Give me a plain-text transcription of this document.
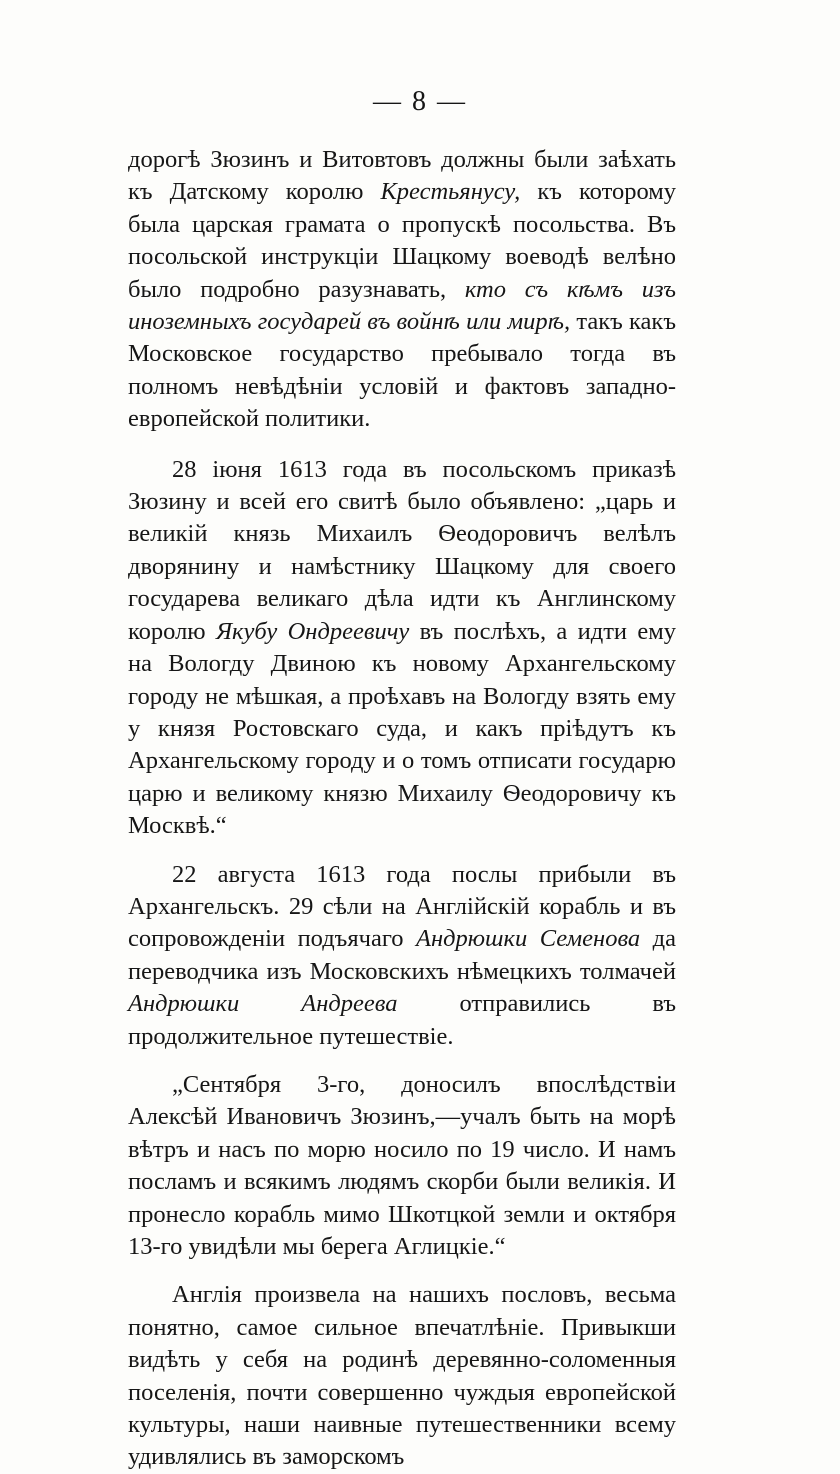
— 8 —

дорогѣ Зюзинъ и Витовтовъ должны были заѣхать къ Датскому королю Крестьянусу, къ которому была царская грамата о пропускѣ посольства. Въ посольской инструкціи Шацкому воеводѣ велѣно было подробно разузнавать, кто съ кѣмъ изъ иноземныхъ государей въ войнѣ или мирѣ, такъ какъ Московское государство пребывало тогда въ полномъ невѣдѣніи условій и фактовъ западно-европейской политики.

28 іюня 1613 года въ посольскомъ приказѣ Зюзину и всей его свитѣ было объявлено: „царь и великій князь Михаилъ Ѳеодоровичъ велѣлъ дворянину и намѣстнику Шацкому для своего государева великаго дѣла идти къ Англинскому королю Якубу Ондреевичу въ послѣхъ, а идти ему на Вологду Двиною къ новому Архангельскому городу не мѣшкая, а проѣхавъ на Вологду взять ему у князя Ростовскаго суда, и какъ пріѣдутъ къ Архангельскому городу и о томъ отписати государю царю и великому князю Михаилу Ѳеодоровичу къ Москвѣ.“

22 августа 1613 года послы прибыли въ Архангельскъ. 29 сѣли на Англійскій корабль и въ сопровожденіи подъячаго Андрюшки Семенова да переводчика изъ Московскихъ нѣмецкихъ толмачей Андрюшки Андреева отправились въ продолжительное путешествіе.

„Сентября 3-го, доносилъ впослѣдствіи Алексѣй Ивановичъ Зюзинъ,—учалъ быть на морѣ вѣтръ и насъ по морю носило по 19 число. И намъ посламъ и всякимъ людямъ скорби были великія. И пронесло корабль мимо Шкотцкой земли и октября 13-го увидѣли мы берега Аглицкіе.“

Англія произвела на нашихъ пословъ, весьма понятно, самое сильное впечатлѣніе. Привыкши видѣть у себя на родинѣ деревянно-соломенныя поселенія, почти совершенно чуждыя европейской культуры, наши наивные путешественники всему удивлялись въ заморскомъ
